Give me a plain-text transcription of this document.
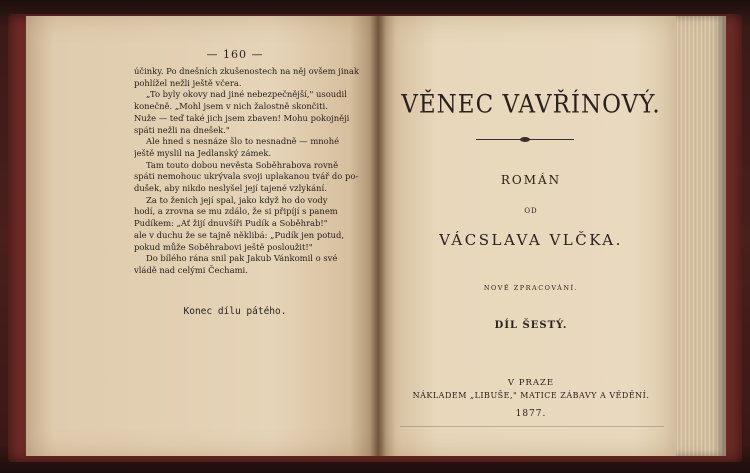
— 160 —
účinky. Po dnešních zkušenostech na něj ovšem jinak
pohlížel nežli ještě včera.
„To byly okovy nad jiné nebezpečnější," usoudil
konečně. „Mohl jsem v nich žalostně skončiti.
Nuže — teď také jich jsem zbaven! Mohu pokojněji
spáti nežli na dnešek."
Ale hned s nesnáze šlo to nesnadně — mnohé
ještě myslil na Jedlanský zámek.
Tam touto dobou nevěsta Soběhrabova rovně
spáti nemohouc ukrývala svoji uplakanou tvář do po-
dušek, aby nikdo neslyšel její tajené vzlykání.
Za to ženich její spal, jako když ho do vody
hodí, a zrovna se mu zdálo, že si připíjí s panem
Pudíkem: „Ať žijí dnuvšíři Pudík a Soběhrab!"
ale v duchu že se tajně něklibá: „Pudík jen potud,
pokud může Soběhrabovi ještě posloužit!"
Do bílého rána snil pak Jakub Vánkomil o své
vládě nad celými Čechami.
Konec dílu pátého.
VĚNEC VAVŘÍNOVÝ.
ROMÁN
OD
VÁCSLAVA VLČKA.
NOVĚ ZPRACOVÁNÍ.
DÍL ŠESTÝ.
V PRAZE
NÁKLADEM „LIBUŠE," MATICE ZÁBAVY A VĚDĚNÍ.
1877.
